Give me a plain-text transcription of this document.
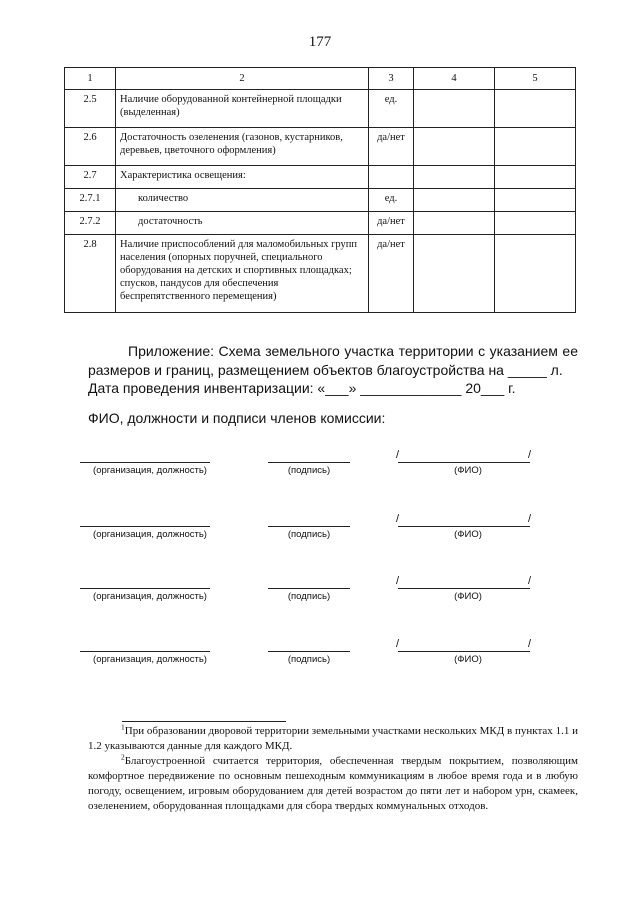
177
1	2	3	4	5
2.5	Наличие оборудованной контейнерной площадки (выделенная)	ед.		
2.6	Достаточность озеленения (газонов, кустарников, деревьев, цветочного оформления)	да/нет		
2.7	Характеристика освещения:			
2.7.1	количество	ед.		
2.7.2	достаточность	да/нет		
2.8	Наличие приспособлений для маломобильных групп населения (опорных поручней, специального оборудования на детских и спортивных площадках; спусков, пандусов для обеспечения беспрепятственного перемещения)	да/нет		

Приложение: Схема земельного участка территории с указанием ее размеров и границ, размещением объектов благоустройства на _____ л.

Дата проведения инвентаризации: «___» _____________ 20___ г.

ФИО, должности и подписи членов комиссии:
(организация, должность)	(подпись)
/	/
(ФИО)
(организация, должность)	(подпись)
/	/
(ФИО)
(организация, должность)	(подпись)
/	/
(ФИО)
(организация, должность)	(подпись)
/	/
(ФИО)

$^1$При образовании дворовой территории земельными участками нескольких МКД в пунктах 1.1 и 1.2 указываются данные для каждого МКД.

$^2$Благоустроенной считается территория, обеспеченная твердым покрытием, позволяющим комфортное передвижение по основным пешеходным коммуникациям в любое время года и в любую погоду, освещением, игровым оборудованием для детей возрастом до пяти лет и набором урн, скамеек, озеленением, оборудованная площадками для сбора твердых коммунальных отходов.
